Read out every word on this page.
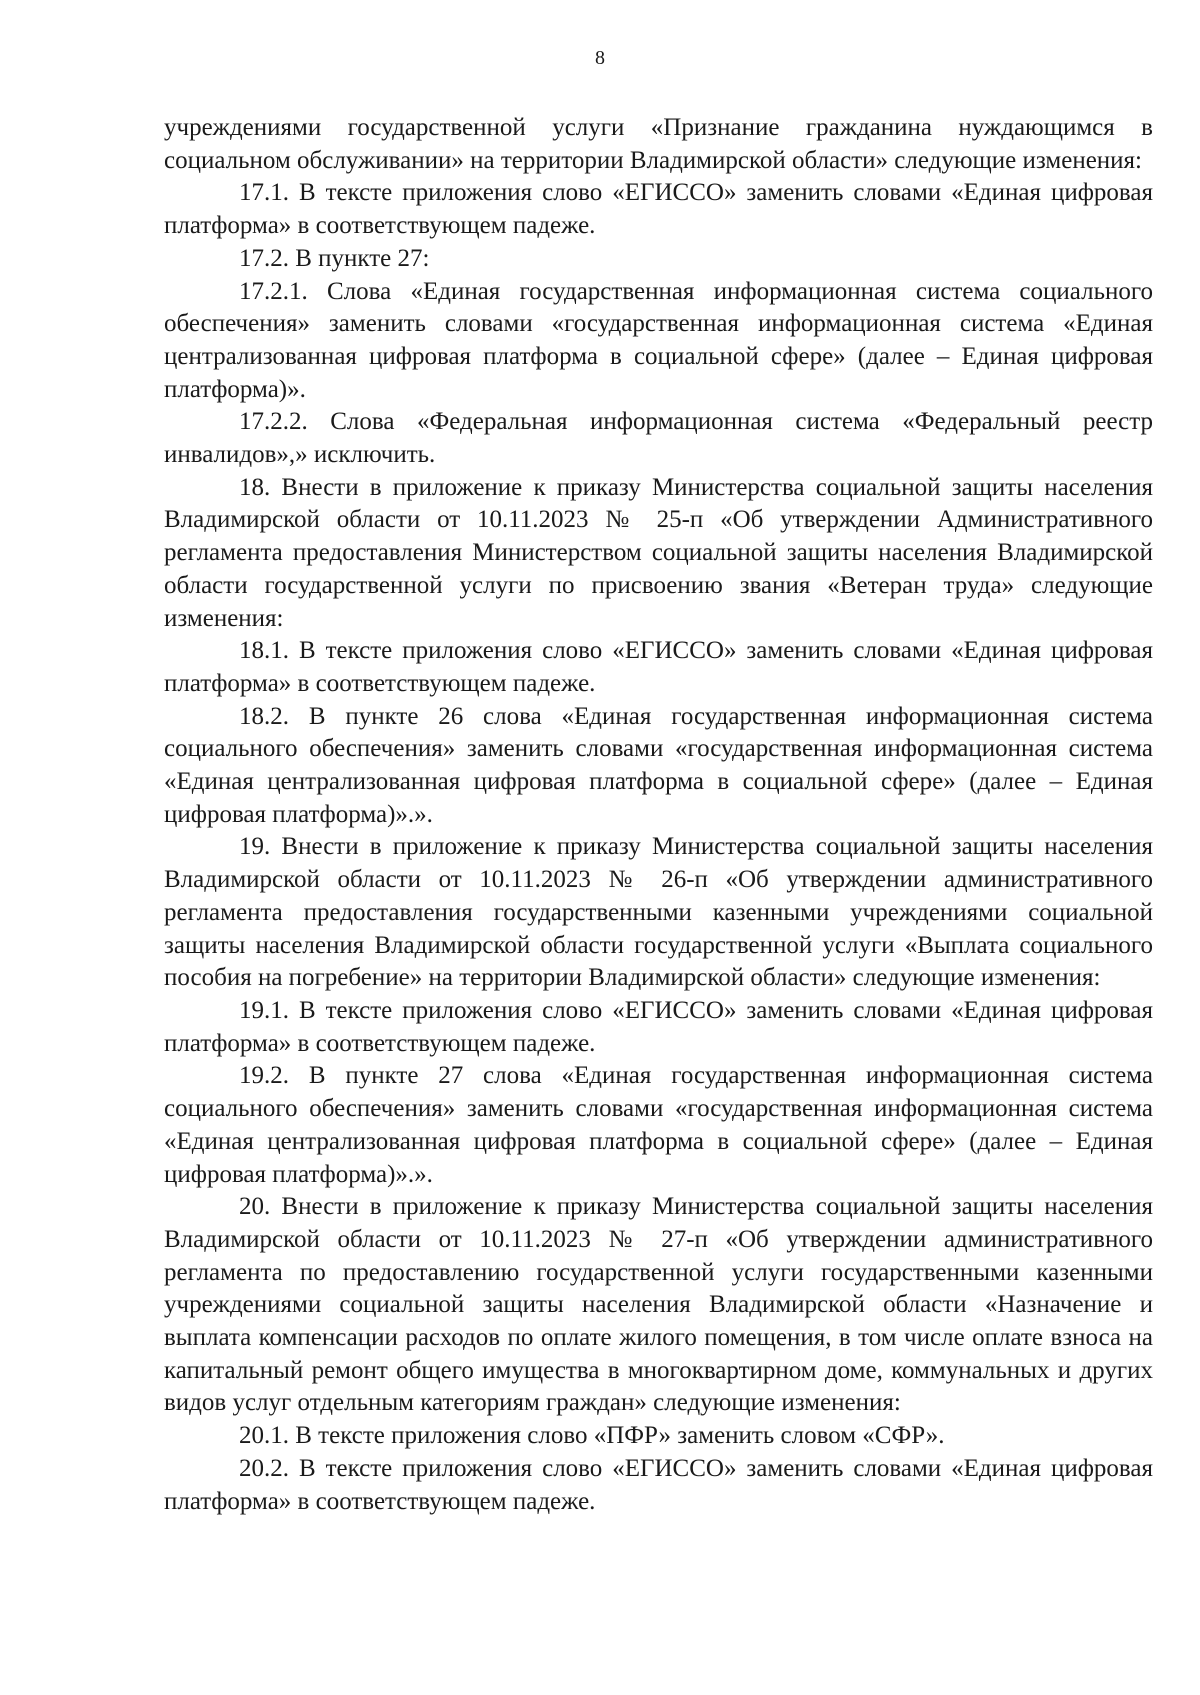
8

учреждениями государственной услуги «Признание гражданина нуждающимся в социальном обслуживании» на территории Владимирской области» следующие изменения:

17.1. В тексте приложения слово «ЕГИССО» заменить словами «Единая цифровая платформа» в соответствующем падеже.

17.2. В пункте 27:

17.2.1. Слова «Единая государственная информационная система социального обеспечения» заменить словами «государственная информационная система «Единая централизованная цифровая платформа в социальной сфере» (далее – Единая цифровая платформа)».

17.2.2. Слова «Федеральная информационная система «Федеральный реестр инвалидов»,» исключить.

18. Внести в приложение к приказу Министерства социальной защиты населения Владимирской области от 10.11.2023 № 25-п «Об утверждении Административного регламента предоставления Министерством социальной защиты населения Владимирской области государственной услуги по присвоению звания «Ветеран труда» следующие изменения:

18.1. В тексте приложения слово «ЕГИССО» заменить словами «Единая цифровая платформа» в соответствующем падеже.

18.2. В пункте 26 слова «Единая государственная информационная система социального обеспечения» заменить словами «государственная информационная система «Единая централизованная цифровая платформа в социальной сфере» (далее – Единая цифровая платформа)».».

19. Внести в приложение к приказу Министерства социальной защиты населения Владимирской области от 10.11.2023 № 26-п «Об утверждении административного регламента предоставления государственными казенными учреждениями социальной защиты населения Владимирской области государственной услуги «Выплата социального пособия на погребение» на территории Владимирской области» следующие изменения:

19.1. В тексте приложения слово «ЕГИССО» заменить словами «Единая цифровая платформа» в соответствующем падеже.

19.2. В пункте 27 слова «Единая государственная информационная система социального обеспечения» заменить словами «государственная информационная система «Единая централизованная цифровая платформа в социальной сфере» (далее – Единая цифровая платформа)».».

20. Внести в приложение к приказу Министерства социальной защиты населения Владимирской области от 10.11.2023 № 27-п «Об утверждении административного регламента по предоставлению государственной услуги государственными казенными учреждениями социальной защиты населения Владимирской области «Назначение и выплата компенсации расходов по оплате жилого помещения, в том числе оплате взноса на капитальный ремонт общего имущества в многоквартирном доме, коммунальных и других видов услуг отдельным категориям граждан» следующие изменения:

20.1. В тексте приложения слово «ПФР» заменить словом «СФР».

20.2. В тексте приложения слово «ЕГИССО» заменить словами «Единая цифровая платформа» в соответствующем падеже.
